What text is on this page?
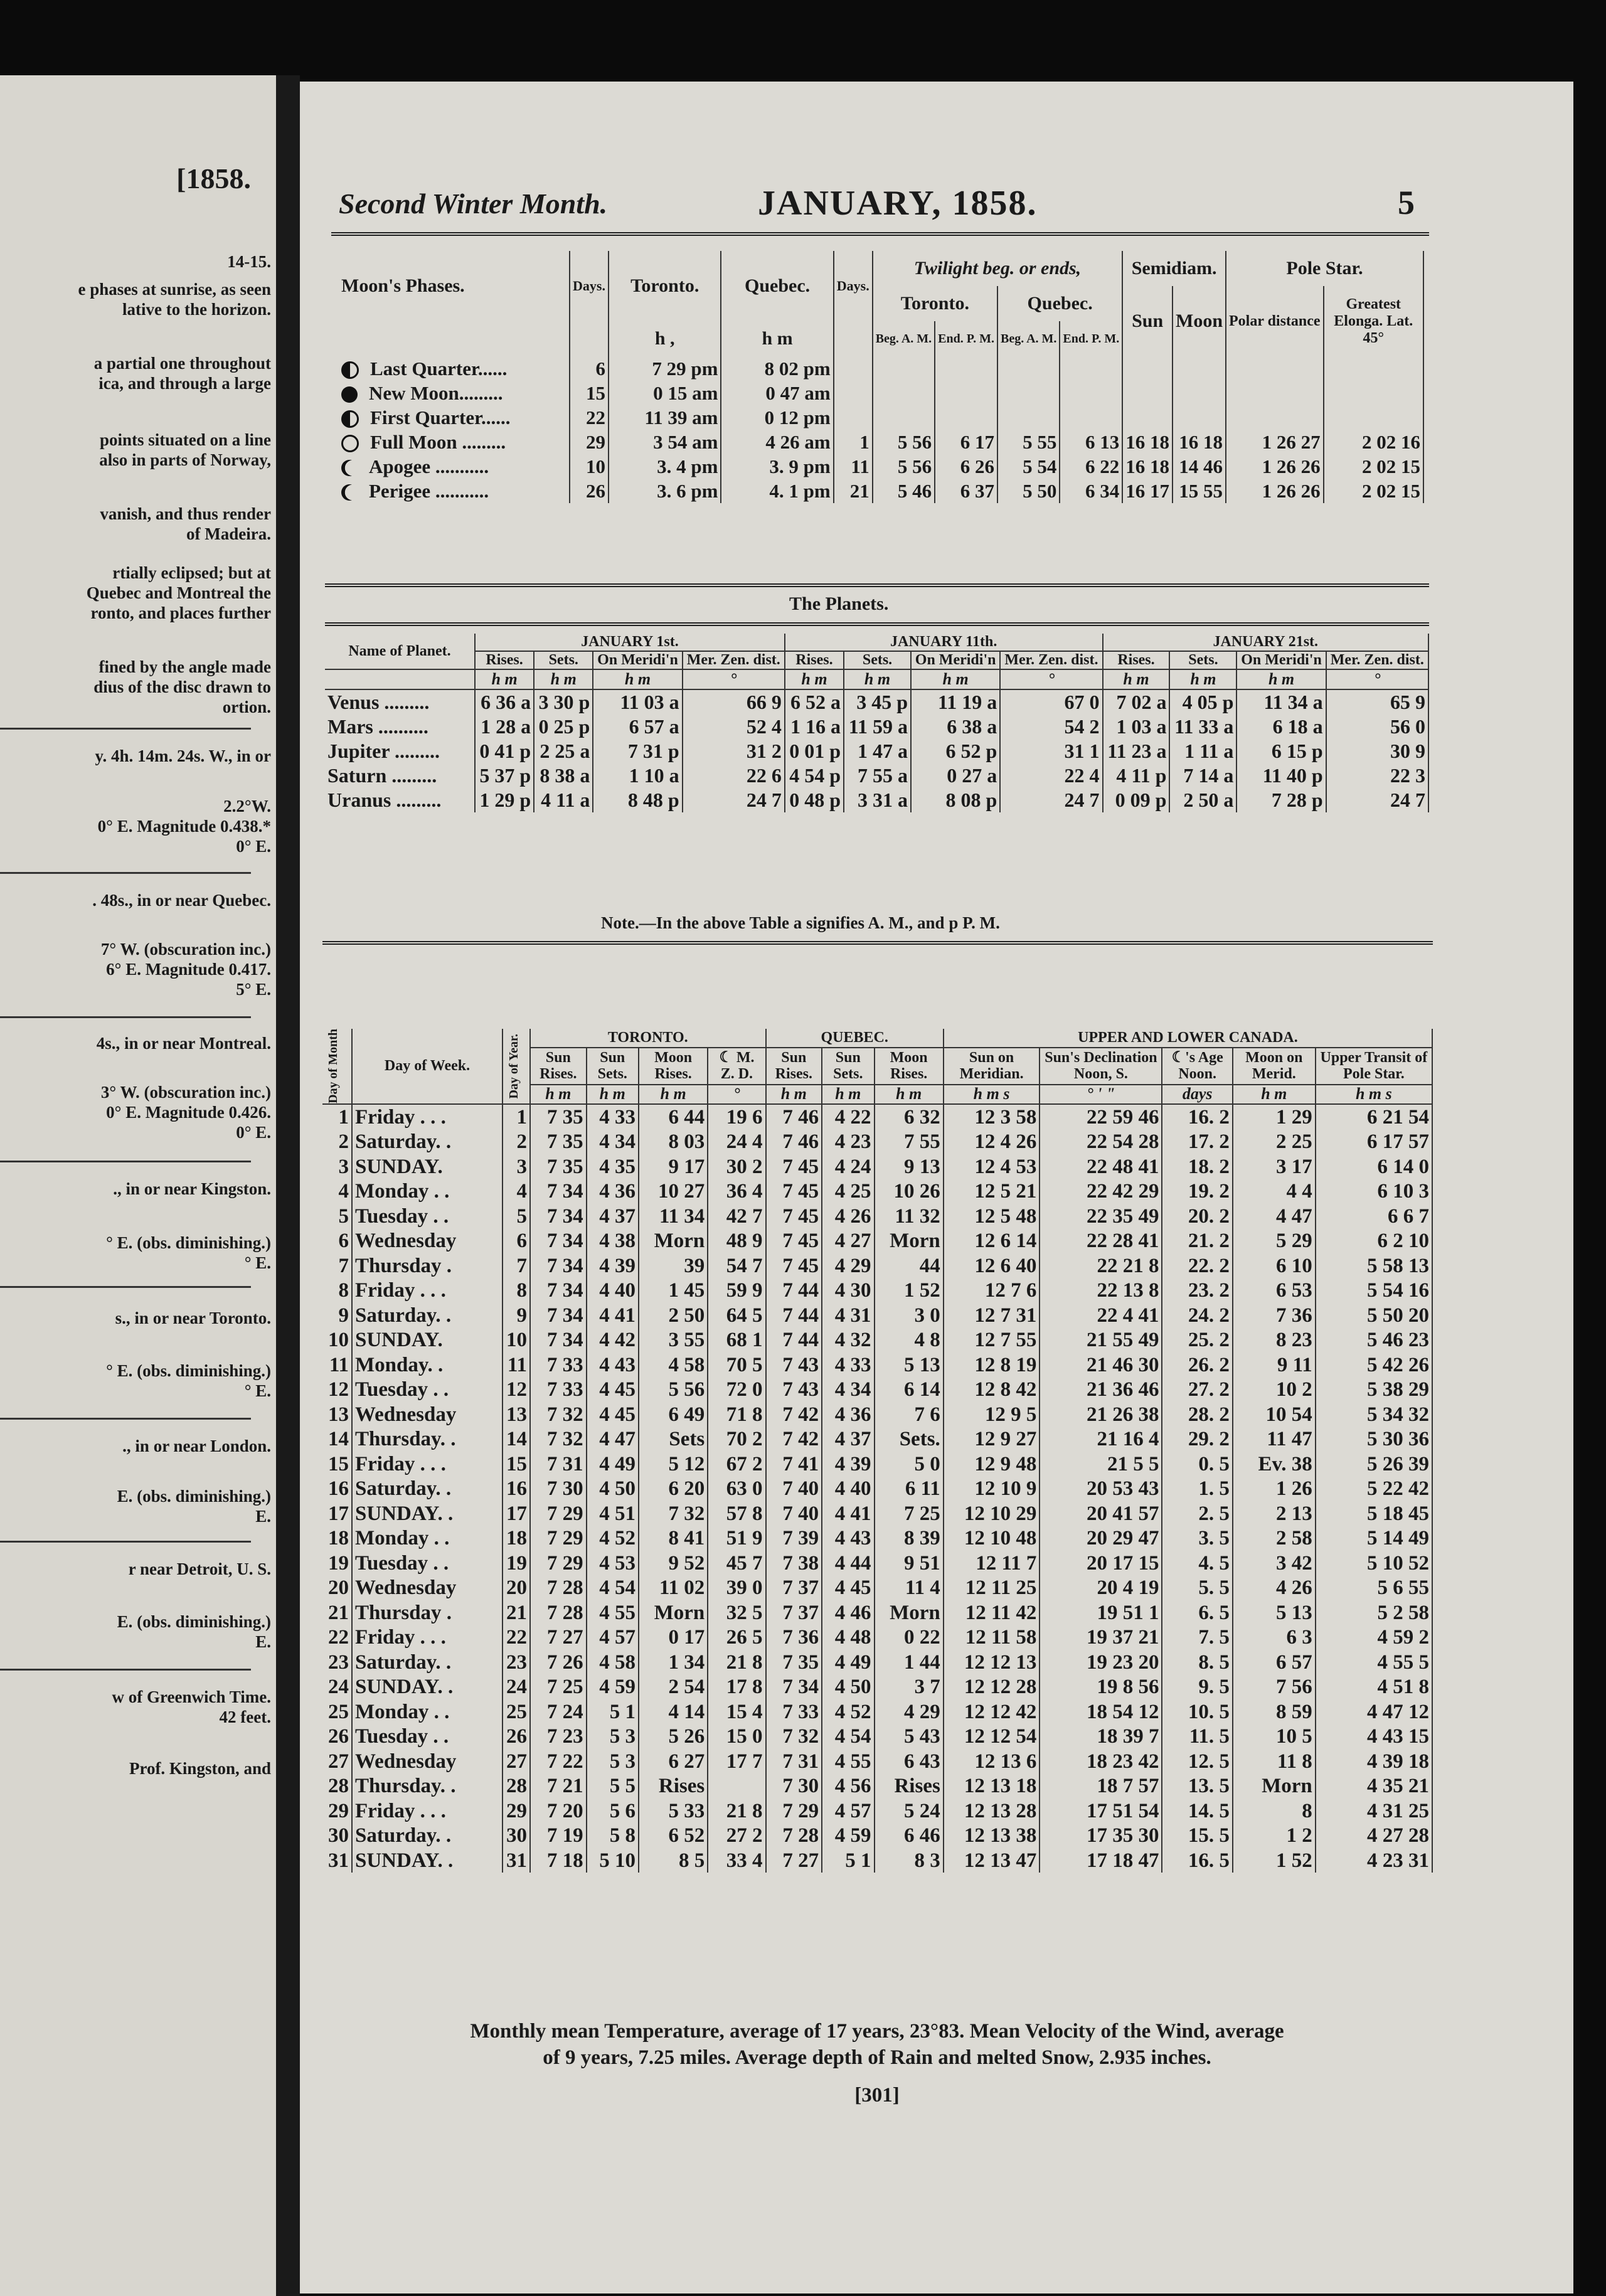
[1858.
14-15.
e phases at sunrise, as seen
lative to the horizon.
a partial one throughout
ica, and through a large
points situated on a line
also in parts of Norway,
vanish, and thus render
of Madeira.
rtially eclipsed; but at
Quebec and Montreal the
ronto, and places further
fined by the angle made
dius of the disc drawn to
ortion.
y. 4h. 14m. 24s. W., in or
2.2°W.
0° E. Magnitude 0.438.*
0° E.
. 48s., in or near Quebec.
7° W. (obscuration inc.)
6° E. Magnitude 0.417.
5° E.
4s., in or near Montreal.
3° W. (obscuration inc.)
0° E. Magnitude 0.426.
0° E.
., in or near Kingston.
° E. (obs. diminishing.)
° E.
s., in or near Toronto.
° E. (obs. diminishing.)
° E.
., in or near London.
E. (obs. diminishing.)
E.
r near Detroit, U. S.
E. (obs. diminishing.)
E.
w of Greenwich Time.
42 feet.
Prof. Kingston, and
Second Winter Month.	JANUARY, 1858.	5
Moon's Phases.	Days.	Toronto.	Quebec.	Days.	Twilight beg. or ends,				Semidiam.		Pole Star.	
					Toronto.		Quebec.		Sun	Moon	Polar distance	Greatest Elonga. Lat. 45°
		h ,	h m		Beg. A. M.	End. P. M.	Beg. A. M.	End. P. M.				
Last Quarter......	6	7 29 pm	8 02 pm									
New Moon.........	15	0 15 am	0 47 am									
First Quarter......	22	11 39 am	0 12 pm									
Full Moon .........	29	3 54 am	4 26 am	1	5 56	6 17	5 55	6 13	16 18	16 18	1 26 27	2 02 16
Apogee ...........	10	3. 4 pm	3. 9 pm	11	5 56	6 26	5 54	6 22	16 18	14 46	1 26 26	2 02 15
Perigee ...........	26	3. 6 pm	4. 1 pm	21	5 46	6 37	5 50	6 34	16 17	15 55	1 26 26	2 02 15
The Planets.
Name of Planet.	JANUARY 1st.				JANUARY 11th.				JANUARY 21st.			
	Rises.	Sets.	On Meridi'n	Mer. Zen. dist.	Rises.	Sets.	On Meridi'n	Mer. Zen. dist.	Rises.	Sets.	On Meridi'n	Mer. Zen. dist.
	h m	h m	h m	°	h m	h m	h m	°	h m	h m	h m	°
Venus .........	6 36 a	3 30 p	11 03 a	66 9	6 52 a	3 45 p	11 19 a	67 0	7 02 a	4 05 p	11 34 a	65 9
Mars ..........	1 28 a	0 25 p	6 57 a	52 4	1 16 a	11 59 a	6 38 a	54 2	1 03 a	11 33 a	6 18 a	56 0
Jupiter .........	0 41 p	2 25 a	7 31 p	31 2	0 01 p	1 47 a	6 52 p	31 1	11 23 a	1 11 a	6 15 p	30 9
Saturn .........	5 37 p	8 38 a	1 10 a	22 6	4 54 p	7 55 a	0 27 a	22 4	4 11 p	7 14 a	11 40 p	22 3
Uranus .........	1 29 p	4 11 a	8 48 p	24 7	0 48 p	3 31 a	8 08 p	24 7	0 09 p	2 50 a	7 28 p	24 7
Note.—In the above Table a signifies A. M., and p P. M.
Day of Month	Day of Week.	Day of Year.	TORONTO.				QUEBEC.			UPPER AND LOWER CANADA.				
			Sun Rises.	Sun Sets.	Moon Rises.	☾ M. Z. D.	Sun Rises.	Sun Sets.	Moon Rises.	Sun on Meridian.	Sun's Declination Noon, S.	☾'s Age Noon.	Moon on Merid.	Upper Transit of Pole Star.
			h m	h m	h m	°	h m	h m	h m	h m s	° ' "	days	h m	h m s
1	Friday . . .	1	7 35	4 33	6 44	19 6	7 46	4 22	6 32	12 3 58	22 59 46	16. 2	1 29	6 21 54
2	Saturday. .	2	7 35	4 34	8 03	24 4	7 46	4 23	7 55	12 4 26	22 54 28	17. 2	2 25	6 17 57
3	SUNDAY.	3	7 35	4 35	9 17	30 2	7 45	4 24	9 13	12 4 53	22 48 41	18. 2	3 17	6 14 0
4	Monday . .	4	7 34	4 36	10 27	36 4	7 45	4 25	10 26	12 5 21	22 42 29	19. 2	4 4	6 10 3
5	Tuesday . .	5	7 34	4 37	11 34	42 7	7 45	4 26	11 32	12 5 48	22 35 49	20. 2	4 47	6 6 7
6	Wednesday	6	7 34	4 38	Morn	48 9	7 45	4 27	Morn	12 6 14	22 28 41	21. 2	5 29	6 2 10
7	Thursday .	7	7 34	4 39	39	54 7	7 45	4 29	44	12 6 40	22 21 8	22. 2	6 10	5 58 13
8	Friday . . .	8	7 34	4 40	1 45	59 9	7 44	4 30	1 52	12 7 6	22 13 8	23. 2	6 53	5 54 16
9	Saturday. .	9	7 34	4 41	2 50	64 5	7 44	4 31	3 0	12 7 31	22 4 41	24. 2	7 36	5 50 20
10	SUNDAY.	10	7 34	4 42	3 55	68 1	7 44	4 32	4 8	12 7 55	21 55 49	25. 2	8 23	5 46 23
11	Monday. .	11	7 33	4 43	4 58	70 5	7 43	4 33	5 13	12 8 19	21 46 30	26. 2	9 11	5 42 26
12	Tuesday . .	12	7 33	4 45	5 56	72 0	7 43	4 34	6 14	12 8 42	21 36 46	27. 2	10 2	5 38 29
13	Wednesday	13	7 32	4 45	6 49	71 8	7 42	4 36	7 6	12 9 5	21 26 38	28. 2	10 54	5 34 32
14	Thursday. .	14	7 32	4 47	Sets	70 2	7 42	4 37	Sets.	12 9 27	21 16 4	29. 2	11 47	5 30 36
15	Friday . . .	15	7 31	4 49	5 12	67 2	7 41	4 39	5 0	12 9 48	21 5 5	0. 5	Ev. 38	5 26 39
16	Saturday. .	16	7 30	4 50	6 20	63 0	7 40	4 40	6 11	12 10 9	20 53 43	1. 5	1 26	5 22 42
17	SUNDAY. .	17	7 29	4 51	7 32	57 8	7 40	4 41	7 25	12 10 29	20 41 57	2. 5	2 13	5 18 45
18	Monday . .	18	7 29	4 52	8 41	51 9	7 39	4 43	8 39	12 10 48	20 29 47	3. 5	2 58	5 14 49
19	Tuesday . .	19	7 29	4 53	9 52	45 7	7 38	4 44	9 51	12 11 7	20 17 15	4. 5	3 42	5 10 52
20	Wednesday	20	7 28	4 54	11 02	39 0	7 37	4 45	11 4	12 11 25	20 4 19	5. 5	4 26	5 6 55
21	Thursday .	21	7 28	4 55	Morn	32 5	7 37	4 46	Morn	12 11 42	19 51 1	6. 5	5 13	5 2 58
22	Friday . . .	22	7 27	4 57	0 17	26 5	7 36	4 48	0 22	12 11 58	19 37 21	7. 5	6 3	4 59 2
23	Saturday. .	23	7 26	4 58	1 34	21 8	7 35	4 49	1 44	12 12 13	19 23 20	8. 5	6 57	4 55 5
24	SUNDAY. .	24	7 25	4 59	2 54	17 8	7 34	4 50	3 7	12 12 28	19 8 56	9. 5	7 56	4 51 8
25	Monday . .	25	7 24	5 1	4 14	15 4	7 33	4 52	4 29	12 12 42	18 54 12	10. 5	8 59	4 47 12
26	Tuesday . .	26	7 23	5 3	5 26	15 0	7 32	4 54	5 43	12 12 54	18 39 7	11. 5	10 5	4 43 15
27	Wednesday	27	7 22	5 3	6 27	17 7	7 31	4 55	6 43	12 13 6	18 23 42	12. 5	11 8	4 39 18
28	Thursday. .	28	7 21	5 5	Rises		7 30	4 56	Rises	12 13 18	18 7 57	13. 5	Morn	4 35 21
29	Friday . . .	29	7 20	5 6	5 33	21 8	7 29	4 57	5 24	12 13 28	17 51 54	14. 5	8	4 31 25
30	Saturday. .	30	7 19	5 8	6 52	27 2	7 28	4 59	6 46	12 13 38	17 35 30	15. 5	1 2	4 27 28
31	SUNDAY. .	31	7 18	5 10	8 5	33 4	7 27	5 1	8 3	12 13 47	17 18 47	16. 5	1 52	4 23 31
Monthly mean Temperature, average of 17 years, 23°83. Mean Velocity of the Wind, average
of 9 years, 7.25 miles. Average depth of Rain and melted Snow, 2.935 inches.
[301]
